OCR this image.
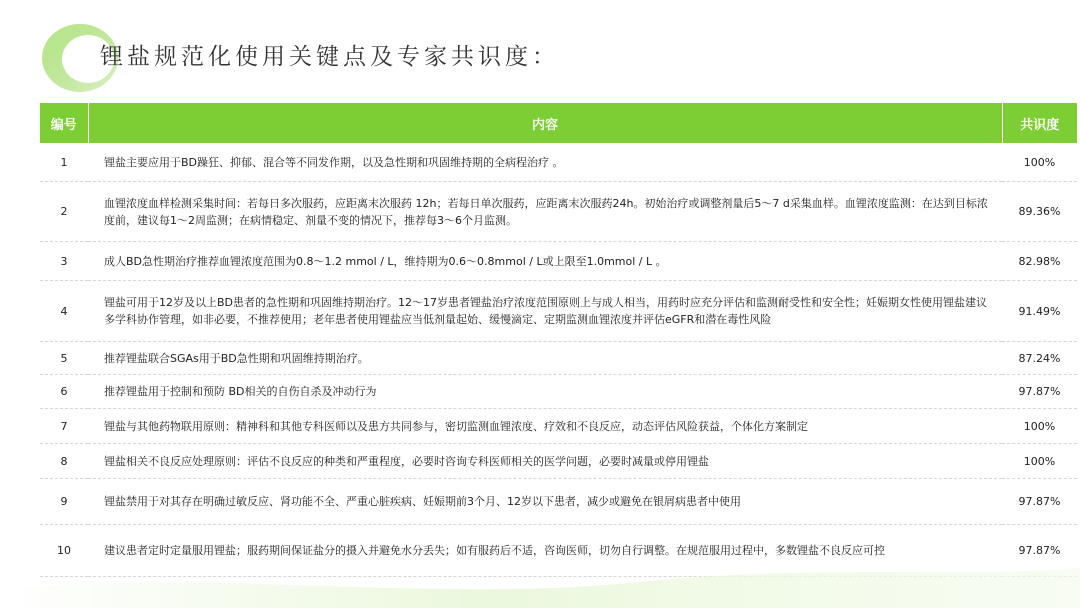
锂盐规范化使用关键点及专家共识度：
编号	内容	共识度
1	锂盐主要应用于BD躁狂、抑郁、混合等不同发作期，以及急性期和巩固维持期的全病程治疗 。	100%
2	血锂浓度血样检测采集时间：若每日多次服药，应距离末次服药 12h；若每日单次服药，应距离末次服药24h。初始治疗或调整剂量后5～7 d采集血样。血锂浓度监测：在达到目标浓度前，建议每1～2周监测；在病情稳定、剂量不变的情况下，推荐每3～6个月监测。	89.36%
3	成人BD急性期治疗推荐血锂浓度范围为0.8～1.2 mmol / L，维持期为0.6～0.8mmol / L或上限至1.0mmol / L 。	82.98%
4	锂盐可用于12岁及以上BD患者的急性期和巩固维持期治疗。12～17岁患者锂盐治疗浓度范围原则上与成人相当，用药时应充分评估和监测耐受性和安全性；妊娠期女性使用锂盐建议多学科协作管理，如非必要，不推荐使用；老年患者使用锂盐应当低剂量起始、缓慢滴定、定期监测血锂浓度并评估eGFR和潜在毒性风险	91.49%
5	推荐锂盐联合SGAs用于BD急性期和巩固维持期治疗。	87.24%
6	推荐锂盐用于控制和预防 BD相关的自伤自杀及冲动行为	97.87%
7	锂盐与其他药物联用原则：精神科和其他专科医师以及患方共同参与，密切监测血锂浓度、疗效和不良反应，动态评估风险获益，个体化方案制定	100%
8	锂盐相关不良反应处理原则：评估不良反应的种类和严重程度，必要时咨询专科医师相关的医学问题，必要时减量或停用锂盐	100%
9	锂盐禁用于对其存在明确过敏反应、肾功能不全、严重心脏疾病、妊娠期前3个月、12岁以下患者，减少或避免在银屑病患者中使用	97.87%
10	建议患者定时定量服用锂盐；服药期间保证盐分的摄入并避免水分丢失；如有服药后不适，咨询医师，切勿自行调整。在规范服用过程中，多数锂盐不良反应可控	97.87%
